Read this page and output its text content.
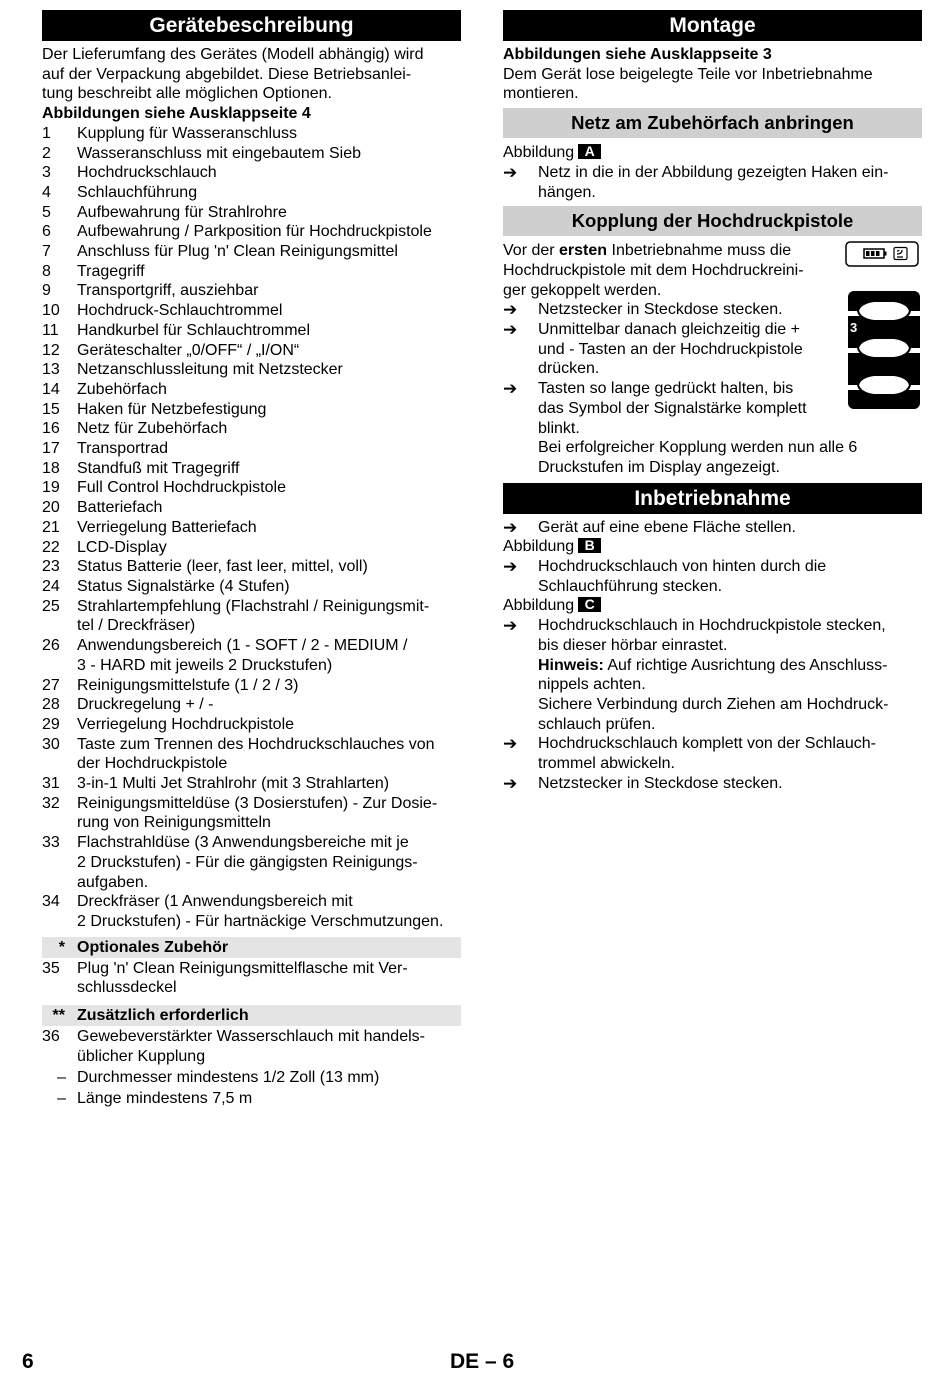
Gerätebeschreibung

Der Lieferumfang des Gerätes (Modell abhängig) wird

auf der Verpackung abgebildet. Diese Betriebsanlei-

tung beschreibt alle möglichen Optionen.

Abbildungen siehe Ausklappseite 4

1	Kupplung für Wasseranschluss
2	Wasseranschluss mit eingebautem Sieb
3	Hochdruckschlauch
4	Schlauchführung
5	Aufbewahrung für Strahlrohre
6	Aufbewahrung / Parkposition für Hochdruckpistole
7	Anschluss für Plug 'n' Clean Reinigungsmittel
8	Tragegriff
9	Transportgriff, ausziehbar
10	Hochdruck-Schlauchtrommel
11	Handkurbel für Schlauchtrommel
12	Geräteschalter „0/OFF“ / „I/ON“
13	Netzanschlussleitung mit Netzstecker
14	Zubehörfach
15	Haken für Netzbefestigung
16	Netz für Zubehörfach
17	Transportrad
18	Standfuß mit Tragegriff
19	Full Control Hochdruckpistole
20	Batteriefach
21	Verriegelung Batteriefach
22	LCD-Display
23	Status Batterie (leer, fast leer, mittel, voll)
24	Status Signalstärke (4 Stufen)
25	Strahlartempfehlung (Flachstrahl / Reinigungsmit-
tel / Dreckfräser)
26	Anwendungsbereich (1 - SOFT / 2 - MEDIUM /
3 - HARD mit jeweils 2 Druckstufen)
27	Reinigungsmittelstufe (1 / 2 / 3)
28	Druckregelung + / -
29	Verriegelung Hochdruckpistole
30	Taste zum Trennen des Hochdruckschlauches von
der Hochdruckpistole
31	3-in-1 Multi Jet Strahlrohr (mit 3 Strahlarten)
32	Reinigungsmitteldüse (3 Dosierstufen) - Zur Dosie-
rung von Reinigungsmitteln
33	Flachstrahldüse (3 Anwendungsbereiche mit je
2 Druckstufen) - Für die gängigsten Reinigungs-
aufgaben.
34	Dreckfräser (1 Anwendungsbereich mit
2 Druckstufen) - Für hartnäckige Verschmutzungen.
* Optionales Zubehör
35	Plug 'n' Clean Reinigungsmittelflasche mit Ver-
schlussdeckel
** Zusätzlich erforderlich
36	Gewebeverstärkter Wasserschlauch mit handels-
üblicher Kupplung
– Durchmesser mindestens 1/2 Zoll (13 mm)
– Länge mindestens 7,5 m
Montage

Abbildungen siehe Ausklappseite 3

Dem Gerät lose beigelegte Teile vor Inbetriebnahme

montieren.

Netz am Zubehörfach anbringen

Abbildung A

➔	Netz in die in der Abbildung gezeigten Haken ein-
hängen.
Kopplung der Hochdruckpistole
3

Vor der ersten Inbetriebnahme muss die

Hochdruckpistole mit dem Hochdruckreini-

ger gekoppelt werden.

➔	Netzstecker in Steckdose stecken.
➔	Unmittelbar danach gleichzeitig die +
und - Tasten an der Hochdruckpistole
drücken.
➔	Tasten so lange gedrückt halten, bis
das Symbol der Signalstärke komplett
blinkt.
Bei erfolgreicher Kopplung werden nun alle 6
Druckstufen im Display angezeigt.
Inbetriebnahme
➔	Gerät auf eine ebene Fläche stellen.

Abbildung B

➔	Hochdruckschlauch von hinten durch die
Schlauchführung stecken.

Abbildung C

➔	Hochdruckschlauch in Hochdruckpistole stecken,
bis dieser hörbar einrastet.
Hinweis: Auf richtige Ausrichtung des Anschluss-
nippels achten.
Sichere Verbindung durch Ziehen am Hochdruck-
schlauch prüfen.
➔	Hochdruckschlauch komplett von der Schlauch-
trommel abwickeln.
➔	Netzstecker in Steckdose stecken.
6	DE – 6
